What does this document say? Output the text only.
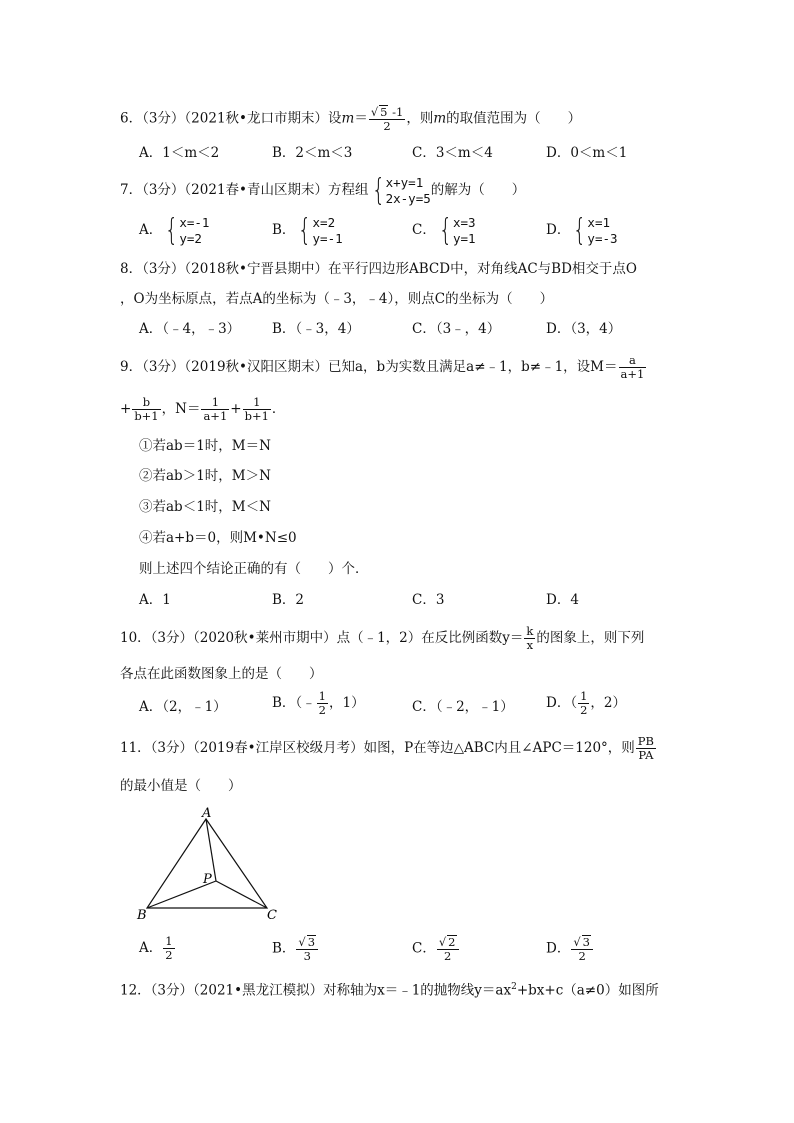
6．（3分）（2021秋•龙口市期末）设$m= \frac{√ 5 -1}{2}$ ，则m的取值范围为（　　）
A．1＜m＜2	B．2＜m＜3	C．3＜m＜4	D．0＜m＜1
7．（3分）（2021春•青山区期末）方程组{ x+y=1
2x-y=5 的解为（　　）
A．{ x=-1
y=2	B．{ x=2
y=-1	C．{ x=3
y=1	D．{ x=1
y=-3
8．（3分）（2018秋•宁晋县期中）在平行四边形ABCD中，对角线AC与BD相交于点O
，O为坐标原点，若点A的坐标为（﹣3，﹣4），则点C的坐标为（　　）
A．（﹣4，﹣3） B．（﹣3，4）	C．（3﹣，4）	D．（3，4）
9．（3分）（2019秋•汉阳区期末）已知a，b为实数且满足a≠﹣1，b≠﹣1，设$M= \frac{a}{a+1}$
+ $\frac{b}{b+1}$ ，$N= \frac{1}{a+1} + \frac{1}{b+1}$ ．
①若ab＝1时，M＝N
②若ab＞1时，M＞N
③若ab＜1时，M＜N
④若a+b＝0，则M•N≤0
则上述四个结论正确的有（　　）个．
A．1	B．2	C．3	D．4
10．（3分）（2020秋•莱州市期中）点（﹣1，2）在反比例函数$y= \frac{k}{x}$ 的图象上，则下列
各点在此函数图象上的是（　　）
A．（2，﹣1）	B．（﹣ $\frac{1}{2}$ ，1）	C．（﹣2，﹣1） D．（ $\frac{1}{2}$ ，2）
11．（3分）（2019春•江岸区校级月考）如图，P在等边△ABC内且∠APC＝120°，则 $\frac{PB}{PA}$
的最小值是（　　）
A
B	C
P
A． $\frac{1}{2}$	B． $\frac{√ 3}{3}$	C． $\frac{√ 2}{2}$	D． $\frac{√ 3}{2}$
12．（3分）（2021•黑龙江模拟）对称轴为x＝﹣1的抛物线$y=ax^2+bx+c(a\ne 0)$如图所
